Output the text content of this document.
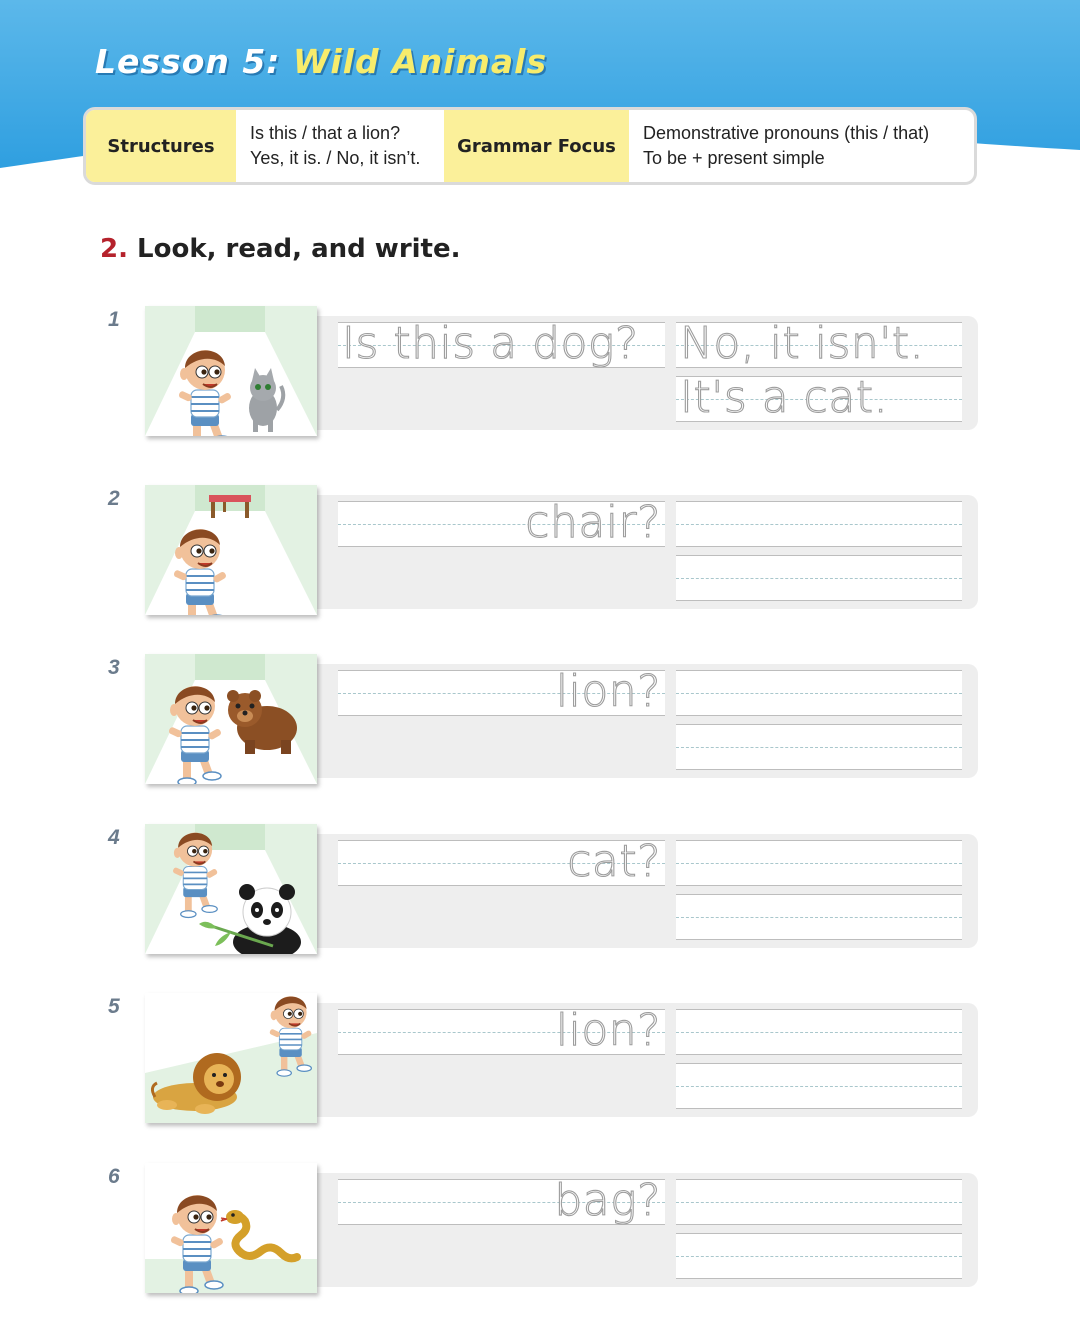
Lesson 5: Wild Animals
Structures
Is this / that a lion?
Yes, it is. / No, it isn’t.
Grammar Focus
Demonstrative pronouns (this / that)
To be + present simple
2. Look, read, and write.
1	Is this a dog? No, it isn't.
It's a cat.
2	chair?
3	lion?
4	cat?
5	lion?
6	bag?
